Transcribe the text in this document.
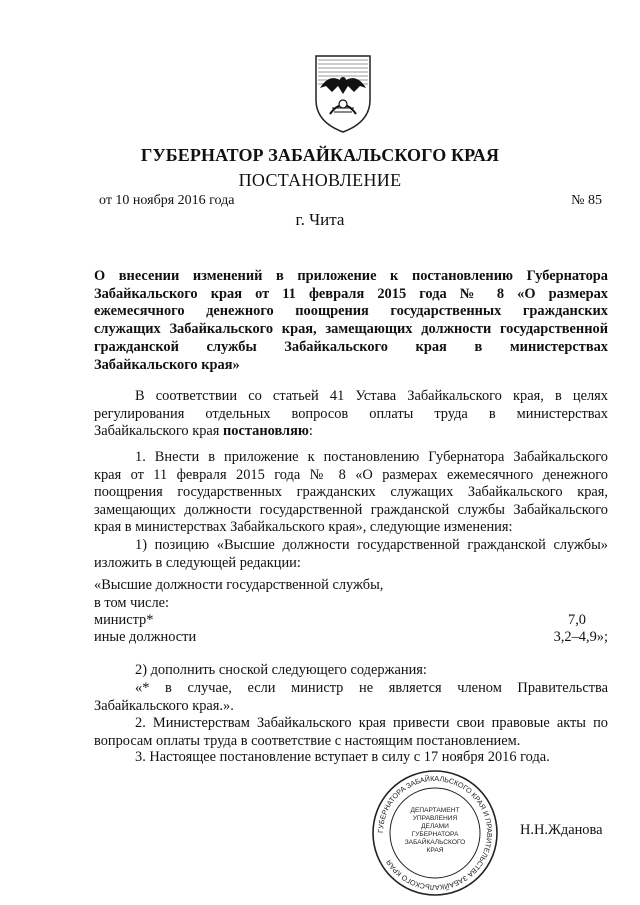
ГУБЕРНАТОР ЗАБАЙКАЛЬСКОГО КРАЯ
ПОСТАНОВЛЕНИЕ
от 10 ноября 2016 года	№ 85
г. Чита
О внесении изменений в приложение к постановлению Губернатора
Забайкальского края от 11 февраля 2015 года № 8 «О размерах
ежемесячного денежного поощрения государственных гражданских
служащих Забайкальского края, замещающих должности государственной
гражданской службы Забайкальского края в министерствах
Забайкальского края»
В соответствии со статьей 41 Устава Забайкальского края, в целях
регулирования отдельных вопросов оплаты труда в министерствах
Забайкальского края постановляю:
1. Внести в приложение к постановлению Губернатора Забайкальского
края от 11 февраля 2015 года № 8 «О размерах ежемесячного денежного
поощрения государственных гражданских служащих Забайкальского края,
замещающих должности государственной гражданской службы Забайкальского
края в министерствах Забайкальского края», следующие изменения:
1) позицию «Высшие должности государственной гражданской службы»
изложить в следующей редакции:
«Высшие должности государственной службы,
в том числе:
министр*	7,0
иные должности	3,2–4,9»;
2) дополнить сноской следующего содержания:
«* в случае, если министр не является членом Правительства
Забайкальского края.».
2. Министерствам Забайкальского края привести свои правовые акты по
вопросам оплаты труда в соответствие с настоящим постановлением.
3. Настоящее постановление вступает в силу с 17 ноября 2016 года.
ГУБЕРНАТОРА ЗАБАЙКАЛЬСКОГО КРАЯ И ПРАВИТЕЛЬСТВА ЗАБАЙКАЛЬСКОГО КРАЯ
ДЕПАРТАМЕНТ
УПРАВЛЕНИЯ
ДЕЛАМИ
ГУБЕРНАТОРА
ЗАБАЙКАЛЬСКОГО
КРАЯ
Н.Н.Жданова
